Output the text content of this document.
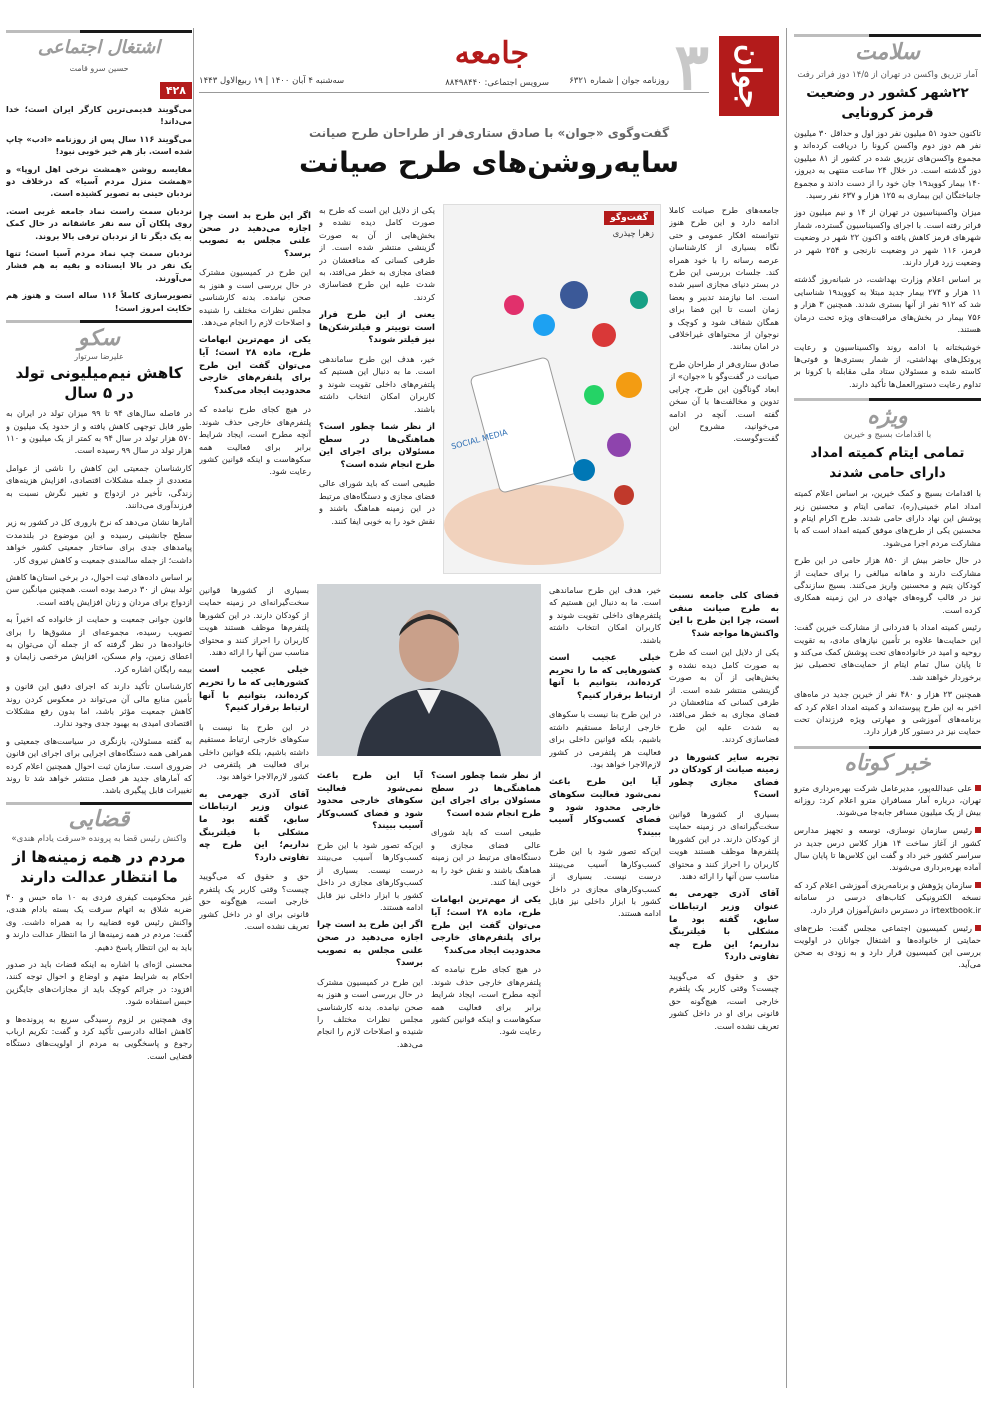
سلامت
آمار تزریق واکسن در تهران از ۱۴/۵ دوز فراتر رفت
۲۲شهر کشور در وضعیت قرمز کرونایی

تاکنون حدود ۵۱ میلیون نفر دوز اول و حداقل ۳۰ میلیون نفر هم دوز دوم واکسن کرونا را دریافت کرده‌اند و مجموع واکسن‌های تزریق شده در کشور از ۸۱ میلیون دوز گذشته است. در خلال ۲۴ ساعت منتهی به دیروز، ۱۴۰ بیمار کووید۱۹ جان خود را از دست دادند و مجموع جانباختگان این بیماری به ۱۲۵ هزار و ۶۳۷ نفر رسید.

میزان واکسیناسیون در تهران از ۱۴ و نیم میلیون دوز فراتر رفته است. با اجرای واکسیناسیون گسترده، شمار شهرهای قرمز کاهش یافته و اکنون ۲۲ شهر در وضعیت قرمز، ۱۱۶ شهر در وضعیت نارنجی و ۲۵۴ شهر در وضعیت زرد قرار دارند.

بر اساس اعلام وزارت بهداشت، در شبانه‌روز گذشته ۱۱ هزار و ۲۷۴ بیمار جدید مبتلا به کووید۱۹ شناسایی شد که ۹۱۲ نفر از آنها بستری شدند. همچنین ۳ هزار و ۷۵۶ بیمار در بخش‌های مراقبت‌های ویژه تحت درمان هستند.

خوشبختانه با ادامه روند واکسیناسیون و رعایت پروتکل‌های بهداشتی، از شمار بستری‌ها و فوتی‌ها کاسته شده و مسئولان ستاد ملی مقابله با کرونا بر تداوم رعایت دستورالعمل‌ها تأکید دارند.

ویژه
با اقدامات بسیج و خیرین
تمامی ایتام کمیته امداد دارای حامی شدند

با اقدامات بسیج و کمک خیرین، بر اساس اعلام کمیته امداد امام خمینی(ره)، تمامی ایتام و محسنین زیر پوشش این نهاد دارای حامی شدند. طرح اکرام ایتام و محسنین یکی از طرح‌های موفق کمیته امداد است که با مشارکت مردم اجرا می‌شود.

در حال حاضر بیش از ۸۵۰ هزار حامی در این طرح مشارکت دارند و ماهانه مبالغی را برای حمایت از کودکان یتیم و محسنین واریز می‌کنند. بسیج سازندگی نیز در قالب گروه‌های جهادی در این زمینه همکاری کرده است.

رئیس کمیته امداد با قدردانی از مشارکت خیرین گفت: این حمایت‌ها علاوه بر تأمین نیازهای مادی، به تقویت روحیه و امید در خانواده‌های تحت پوشش کمک می‌کند و تا پایان سال تمام ایتام از حمایت‌های تحصیلی نیز برخوردار خواهند شد.

همچنین ۲۳ هزار و ۴۸۰ نفر از خیرین جدید در ماه‌های اخیر به این طرح پیوسته‌اند و کمیته امداد اعلام کرد که برنامه‌های آموزشی و مهارتی ویژه فرزندان تحت حمایت نیز در دستور کار قرار دارد.

خبر کوتاه
علی عبدالله‌پور، مدیرعامل شرکت بهره‌برداری مترو تهران، درباره آمار مسافران مترو اعلام کرد: روزانه بیش از یک میلیون مسافر جابه‌جا می‌شوند.
رئیس سازمان نوسازی، توسعه و تجهیز مدارس کشور از آغاز ساخت ۱۴ هزار کلاس درس جدید در سراسر کشور خبر داد و گفت این کلاس‌ها تا پایان سال آماده بهره‌برداری می‌شوند.
سازمان پژوهش و برنامه‌ریزی آموزشی اعلام کرد که نسخه الکترونیکی کتاب‌های درسی در سامانه irtextbook.ir در دسترس دانش‌آموزان قرار دارد.
رئیس کمیسیون اجتماعی مجلس گفت: طرح‌های حمایتی از خانواده‌ها و اشتغال جوانان در اولویت بررسی این کمیسیون قرار دارد و به زودی به صحن می‌آید.
جوان
۳
جامعه
سرویس اجتماعی: ۸۸۴۹۸۴۴۰
سه‌شنبه ۴ آبان ۱۴۰۰ | ۱۹ ربیع‌الاول ۱۴۴۳	روزنامه جوان | شماره ۶۳۲۱
گفت‌وگوی «جوان» با صادق ستاری‌فر از طراحان طرح صیانت
سایه‌روشن‌های طرح صیانت

جامعه‌های طرح صیانت کاملا ادامه دارد و این طرح هنوز نتوانسته افکار عمومی و حتی نگاه بسیاری از کارشناسان عرصه رسانه را با خود همراه کند. جلسات بررسی این طرح در بستر دنیای مجازی اسیر شده است. اما نیازمند تدبیر و بعضا زمان است تا این فضا برای همگان شفاف شود و کوچک و نوجوان از محتواهای غیراخلاقی در امان بمانند.

صادق ستاری‌فر از طراحان طرح صیانت در گفت‌وگو با «جوان» از ابعاد گوناگون این طرح، چرایی تدوین و مخالفت‌ها با آن سخن گفته است. آنچه در ادامه می‌خوانید، مشروح این گفت‌وگوست.

گفت‌وگو
زهرا چیذری
SOCIAL MEDIA

یکی از دلایل این است که طرح به صورت کامل دیده نشده و بخش‌هایی از آن به صورت گزینشی منتشر شده است. از طرفی کسانی که منافعشان در فضای مجازی به خطر می‌افتد، به شدت علیه این طرح فضاسازی کردند.

یعنی از این طرح فرار است توییتر و فیلترشکن‌ها نیز فیلتر شوند؟

خیر، هدف این طرح ساماندهی است. ما به دنبال این هستیم که پلتفرم‌های داخلی تقویت شوند و کاربران امکان انتخاب داشته باشند.

از نظر شما چطور است؟ هماهنگی‌ها در سطح مسئولان برای اجرای این طرح انجام شده است؟

طبیعی است که باید شورای عالی فضای مجازی و دستگاه‌های مرتبط در این زمینه هماهنگ باشند و نقش خود را به خوبی ایفا کنند.

اگر این طرح بد است چرا اجازه می‌دهید در صحن علنی مجلس به تصویب برسد؟

این طرح در کمیسیون مشترک در حال بررسی است و هنوز به صحن نیامده. بدنه کارشناسی مجلس نظرات مختلف را شنیده و اصلاحات لازم را انجام می‌دهد.

یکی از مهم‌ترین ابهامات طرح، ماده ۲۸ است؛ آیا می‌توان گفت این طرح برای پلتفرم‌های خارجی محدودیت ایجاد می‌کند؟

در هیچ کجای طرح نیامده که پلتفرم‌های خارجی حذف شوند. آنچه مطرح است، ایجاد شرایط برابر برای فعالیت همه سکوهاست و اینکه قوانین کشور رعایت شود.

فضای کلی جامعه نسبت به طرح صیانت منفی است، چرا این طرح با این واکنش‌ها مواجه شد؟

یکی از دلایل این است که طرح به صورت کامل دیده نشده و بخش‌هایی از آن به صورت گزینشی منتشر شده است. از طرفی کسانی که منافعشان در فضای مجازی به خطر می‌افتد، به شدت علیه این طرح فضاسازی کردند.

تجربه سایر کشورها در زمینه صیانت از کودکان در فضای مجازی چطور است؟

بسیاری از کشورها قوانین سخت‌گیرانه‌ای در زمینه حمایت از کودکان دارند. در این کشورها پلتفرم‌ها موظف هستند هویت کاربران را احراز کنند و محتوای مناسب سن آنها را ارائه دهند.

آقای آذری جهرمی به عنوان وزیر ارتباطات سابق، گفته بود ما مشکلی با فیلترینگ نداریم؛ این طرح چه تفاوتی دارد؟

حق و حقوق که می‌گویید چیست؟ وقتی کاربر یک پلتفرم خارجی است، هیچ‌گونه حق قانونی برای او در داخل کشور تعریف نشده است.

خیر، هدف این طرح ساماندهی است. ما به دنبال این هستیم که پلتفرم‌های داخلی تقویت شوند و کاربران امکان انتخاب داشته باشند.

خیلی عجیب است کشورهایی که ما را تحریم کرده‌اند، بتوانیم با آنها ارتباط برقرار کنیم؟

در این طرح بنا نیست با سکوهای خارجی ارتباط مستقیم داشته باشیم، بلکه قوانین داخلی برای فعالیت هر پلتفرمی در کشور لازم‌الاجرا خواهد بود.

آیا این طرح باعث نمی‌شود فعالیت سکوهای خارجی محدود شود و فضای کسب‌وکار آسیب ببیند؟

این‌که تصور شود با این طرح کسب‌وکارها آسیب می‌بینند درست نیست. بسیاری از کسب‌وکارهای مجازی در داخل کشور با ابزار داخلی نیز قابل ادامه هستند.

از نظر شما چطور است؟ هماهنگی‌ها در سطح مسئولان برای اجرای این طرح انجام شده است؟

طبیعی است که باید شورای عالی فضای مجازی و دستگاه‌های مرتبط در این زمینه هماهنگ باشند و نقش خود را به خوبی ایفا کنند.

یکی از مهم‌ترین ابهامات طرح، ماده ۲۸ است؛ آیا می‌توان گفت این طرح برای پلتفرم‌های خارجی محدودیت ایجاد می‌کند؟

در هیچ کجای طرح نیامده که پلتفرم‌های خارجی حذف شوند. آنچه مطرح است، ایجاد شرایط برابر برای فعالیت همه سکوهاست و اینکه قوانین کشور رعایت شود.

آیا این طرح باعث نمی‌شود فعالیت سکوهای خارجی محدود شود و فضای کسب‌وکار آسیب ببیند؟

این‌که تصور شود با این طرح کسب‌وکارها آسیب می‌بینند درست نیست. بسیاری از کسب‌وکارهای مجازی در داخل کشور با ابزار داخلی نیز قابل ادامه هستند.

اگر این طرح بد است چرا اجازه می‌دهید در صحن علنی مجلس به تصویب برسد؟

این طرح در کمیسیون مشترک در حال بررسی است و هنوز به صحن نیامده. بدنه کارشناسی مجلس نظرات مختلف را شنیده و اصلاحات لازم را انجام می‌دهد.

بسیاری از کشورها قوانین سخت‌گیرانه‌ای در زمینه حمایت از کودکان دارند. در این کشورها پلتفرم‌ها موظف هستند هویت کاربران را احراز کنند و محتوای مناسب سن آنها را ارائه دهند.

خیلی عجیب است کشورهایی که ما را تحریم کرده‌اند، بتوانیم با آنها ارتباط برقرار کنیم؟

در این طرح بنا نیست با سکوهای خارجی ارتباط مستقیم داشته باشیم، بلکه قوانین داخلی برای فعالیت هر پلتفرمی در کشور لازم‌الاجرا خواهد بود.

آقای آذری جهرمی به عنوان وزیر ارتباطات سابق، گفته بود ما مشکلی با فیلترینگ نداریم؛ این طرح چه تفاوتی دارد؟

حق و حقوق که می‌گویید چیست؟ وقتی کاربر یک پلتفرم خارجی است، هیچ‌گونه حق قانونی برای او در داخل کشور تعریف نشده است.

اشتغال اجتماعی
حسین سرو قامت
۴۲۸

می‌گویند قدیمی‌ترین کارگر ایران است؛ خدا می‌داند!

می‌گویند ۱۱۶ سال پس از روزنامه «ادب» چاپ شده است. باز هم خبر خوبی نبود!

مقایسه روشن «همشت نرخی اهل اروپا» و «همشت منزل مردم آسیا» که درخلاف دو نردبان حینی به تصویر کشیده است.

نردبان سمت راست نماد جامعه غربی است. روی پلکان آن سه نفر عاشقانه در حال کمک به یک دیگر تا از نردبان ترقی بالا بروند.

نردبان سمت چپ نماد مردم آسیا است؛ تنها یک نفر در بالا ایستاده و بقیه به هم فشار می‌آورند.

تصویرسازی کاملاً ۱۱۶ ساله است و هنوز هم حکایت امروز است!

سکو
علیرضا سرتوار
کاهش نیم‌میلیونی تولد در ۵ سال

در فاصله سال‌های ۹۴ تا ۹۹ میزان تولد در ایران به طور قابل توجهی کاهش یافته و از حدود یک میلیون و ۵۷۰ هزار تولد در سال ۹۴ به کمتر از یک میلیون و ۱۱۰ هزار تولد در سال ۹۹ رسیده است.

کارشناسان جمعیتی این کاهش را ناشی از عوامل متعددی از جمله مشکلات اقتصادی، افزایش هزینه‌های زندگی، تأخیر در ازدواج و تغییر نگرش نسبت به فرزندآوری می‌دانند.

آمارها نشان می‌دهد که نرخ باروری کل در کشور به زیر سطح جانشینی رسیده و این موضوع در بلندمدت پیامدهای جدی برای ساختار جمعیتی کشور خواهد داشت؛ از جمله سالمندی جمعیت و کاهش نیروی کار.

بر اساس داده‌های ثبت احوال، در برخی استان‌ها کاهش تولد بیش از ۳۰ درصد بوده است. همچنین میانگین سن ازدواج برای مردان و زنان افزایش یافته است.

قانون جوانی جمعیت و حمایت از خانواده که اخیراً به تصویب رسیده، مجموعه‌ای از مشوق‌ها را برای خانواده‌ها در نظر گرفته که از جمله آن می‌توان به اعطای زمین، وام مسکن، افزایش مرخصی زایمان و بیمه رایگان اشاره کرد.

کارشناسان تأکید دارند که اجرای دقیق این قانون و تأمین منابع مالی آن می‌تواند در معکوس کردن روند کاهش جمعیت مؤثر باشد، اما بدون رفع مشکلات اقتصادی امیدی به بهبود جدی وجود ندارد.

به گفته مسئولان، بازنگری در سیاست‌های جمعیتی و همراهی همه دستگاه‌های اجرایی برای اجرای این قانون ضروری است. سازمان ثبت احوال همچنین اعلام کرده که آمارهای جدید هر فصل منتشر خواهد شد تا روند تغییرات قابل پیگیری باشد.

قضایی
واکنش رئیس قضا به پرونده «سرقت یادام هندی»
مردم در همه زمینه‌ها از ما انتظار عدالت دارند

غیر محکومیت کیفری فردی به ۱۰ ماه حبس و ۴۰ ضربه شلاق به اتهام سرقت یک بسته بادام هندی، واکنش رئیس قوه قضاییه را به همراه داشت. وی گفت: مردم در همه زمینه‌ها از ما انتظار عدالت دارند و باید به این انتظار پاسخ دهیم.

محسنی اژه‌ای با اشاره به اینکه قضات باید در صدور احکام به شرایط متهم و اوضاع و احوال توجه کنند، افزود: در جرائم کوچک باید از مجازات‌های جایگزین حبس استفاده شود.

وی همچنین بر لزوم رسیدگی سریع به پرونده‌ها و کاهش اطاله دادرسی تأکید کرد و گفت: تکریم ارباب رجوع و پاسخگویی به مردم از اولویت‌های دستگاه قضایی است.
